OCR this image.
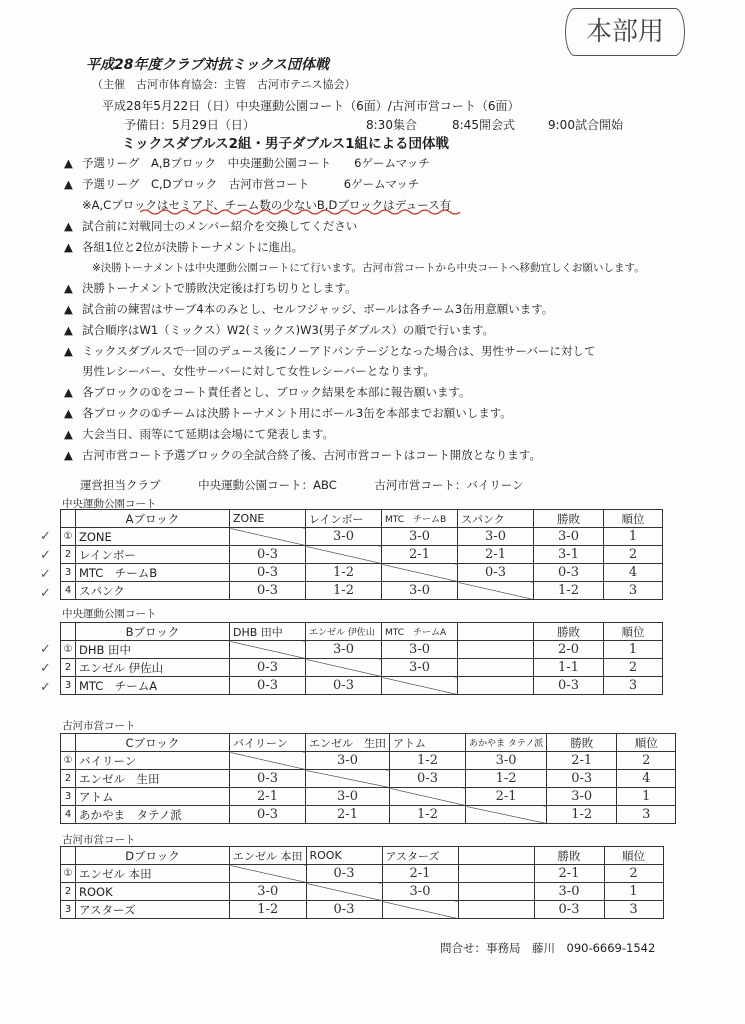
本部用
平成28年度クラブ対抗ミックス団体戦
（主催　古河市体育協会：主管　古河市テニス協会）
平成28年5月22日（日）中央運動公園コート（6面）/古河市営コート（6面）
予備日：5月29日（日）	8:30集合	8:45開会式	9:00試合開始
ミックスダブルス2組・男子ダブルス1組による団体戦
▲ 予選リーグ　A,Bブロック　中央運動公園コート　　6ゲームマッチ
▲ 予選リーグ　C,Dブロック　古河市営コート　　　6ゲームマッチ
※A,Cブロックはセミアド、チーム数の少ないB,Dブロックはデュース有
▲ 試合前に対戦同士のメンバー紹介を交換してください
▲ 各組1位と2位が決勝トーナメントに進出。
※決勝トーナメントは中央運動公園コートにて行います。古河市営コートから中央コートへ移動宜しくお願いします。
▲ 決勝トーナメントで勝敗決定後は打ち切りとします。
▲ 試合前の練習はサーブ4本のみとし、セルフジャッジ、ボールは各チーム3缶用意願います。
▲ 試合順序はW1（ミックス）W2(ミックス)W3(男子ダブルス）の順で行います。
▲ ミックスダブルスで一回のデュース後にノーアドバンテージとなった場合は、男性サーバーに対して
男性レシーバー、女性サーバーに対して女性レシーバーとなります。
▲ 各ブロックの①をコート責任者とし、ブロック結果を本部に報告願います。
▲ 各ブロックの①チームは決勝トーナメント用にボール3缶を本部までお願いします。
▲ 大会当日、雨等にて延期は会場にて発表します。
▲ 古河市営コート予選ブロックの全試合終了後、古河市営コートはコート開放となります。
運営担当クラブ	中央運動公園コート：ABC	古河市営コート：バイリーン
中央運動公園コート
✓
✓
✓
✓
	Aブロック	ZONE	レインボー	MTC　チームB	スパンク	勝敗	順位
①	ZONE		3-0	3-0	3-0	3-0	1

2	レインボー	0-3		2-1	2-1	3-1	2

3	MTC　チームB	0-3	1-2		0-3	0-3	4

4	スパンク	0-3	1-2	3-0		1-2	3
中央運動公園コート
✓
✓
✓
	Bブロック	DHB 田中	エンゼル 伊佐山	MTC　チームA		勝敗	順位
①	DHB 田中		3-0	3-0		2-0	1

2	エンゼル 伊佐山	0-3		3-0		1-1	2

3	MTC　チームA	0-3	0-3			0-3	3
古河市営コート
	Cブロック	バイリーン	エンゼル　生田	アトム	あかやま タテノ派	勝敗	順位
①	バイリーン		3-0	1-2	3-0	2-1	2

2	エンゼル　生田	0-3		0-3	1-2	0-3	4

3	アトム	2-1	3-0		2-1	3-0	1

4	あかやま　タテノ派	0-3	2-1	1-2		1-2	3
古河市営コート
	Dブロック	エンゼル 本田	ROOK	アスターズ		勝敗	順位
①	エンゼル 本田		0-3	2-1		2-1	2

2	ROOK	3-0		3-0		3-0	1

3	アスターズ	1-2	0-3			0-3	3
問合せ：事務局　藤川　090-6669-1542
